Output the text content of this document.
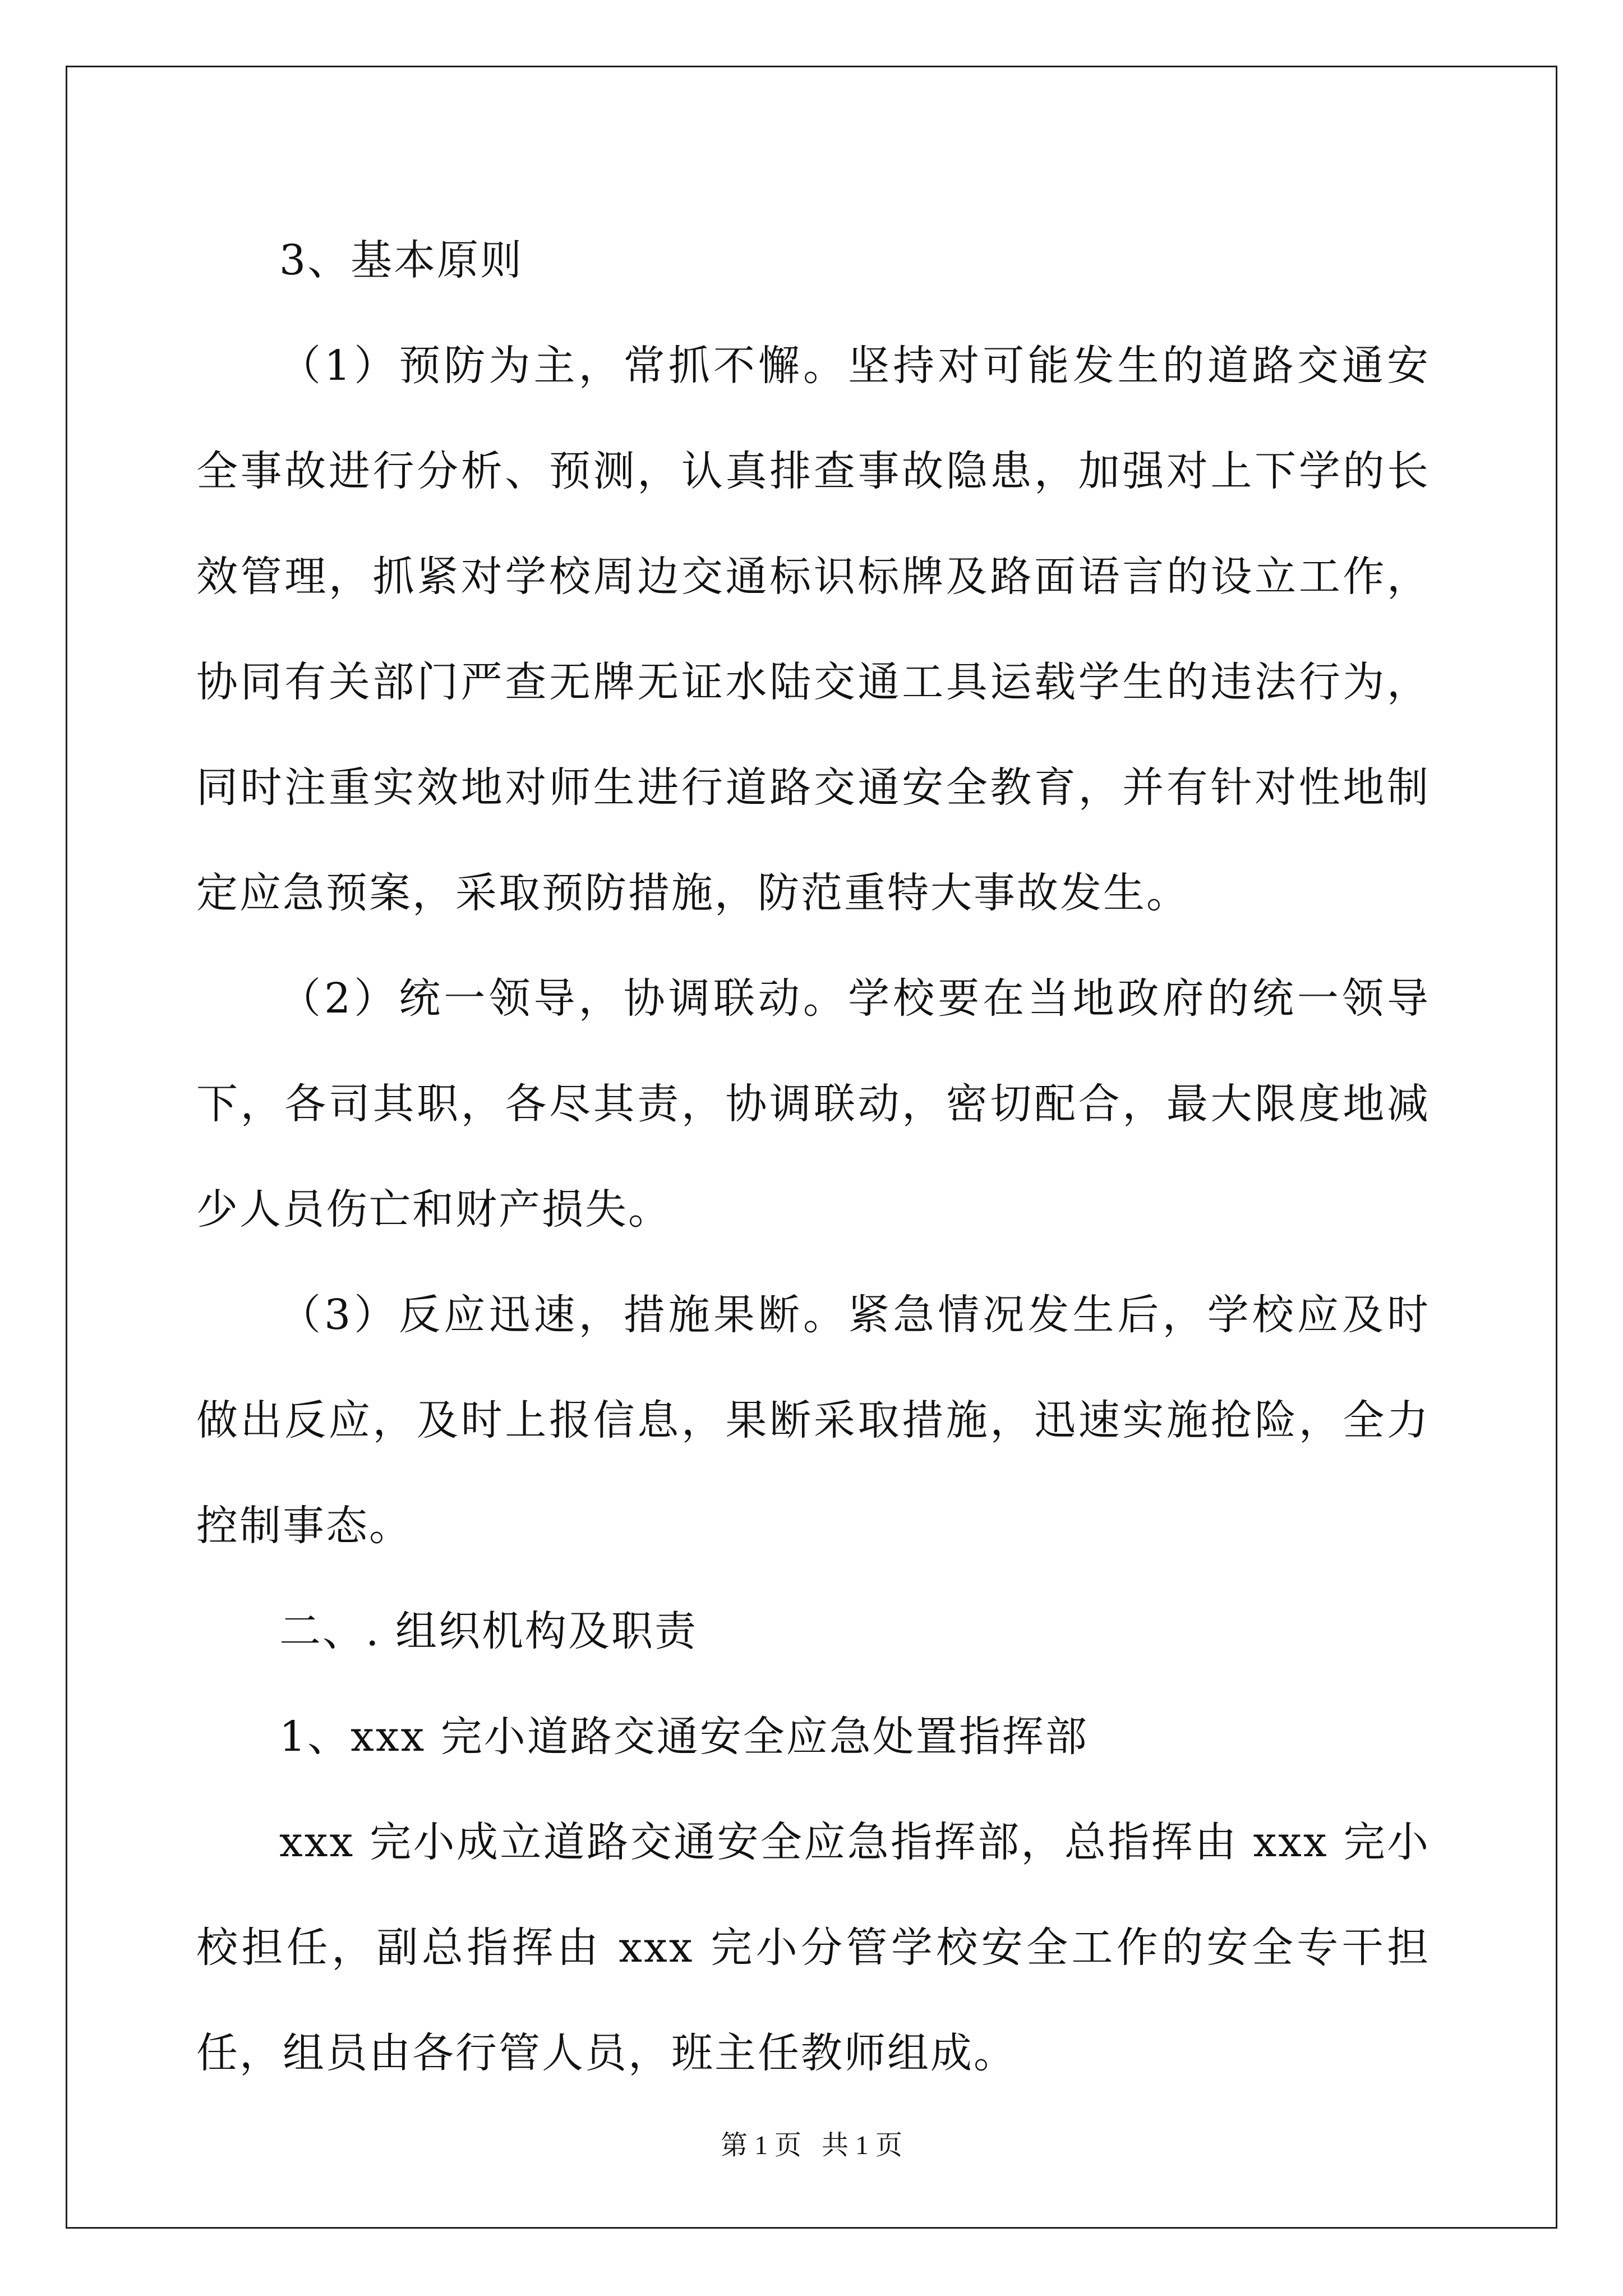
3、基本原则

（1）预防为主，常抓不懈。坚持对可能发生的道路交通安全事故进行分析、预测，认真排查事故隐患，加强对上下学的长效管理，抓紧对学校周边交通标识标牌及路面语言的设立工作，协同有关部门严查无牌无证水陆交通工具运载学生的违法行为，同时注重实效地对师生进行道路交通安全教育，并有针对性地制定应急预案，采取预防措施，防范重特大事故发生。

（2）统一领导，协调联动。学校要在当地政府的统一领导下，各司其职，各尽其责，协调联动，密切配合，最大限度地减少人员伤亡和财产损失。

（3）反应迅速，措施果断。紧急情况发生后，学校应及时做出反应，及时上报信息，果断采取措施，迅速实施抢险，全力控制事态。

二、. 组织机构及职责

1、xxx 完小道路交通安全应急处置指挥部

xxx 完小成立道路交通安全应急指挥部，总指挥由 xxx 完小校担任，副总指挥由 xxx 完小分管学校安全工作的安全专干担任，组员由各行管人员，班主任教师组成。

第 1 页   共 1 页
